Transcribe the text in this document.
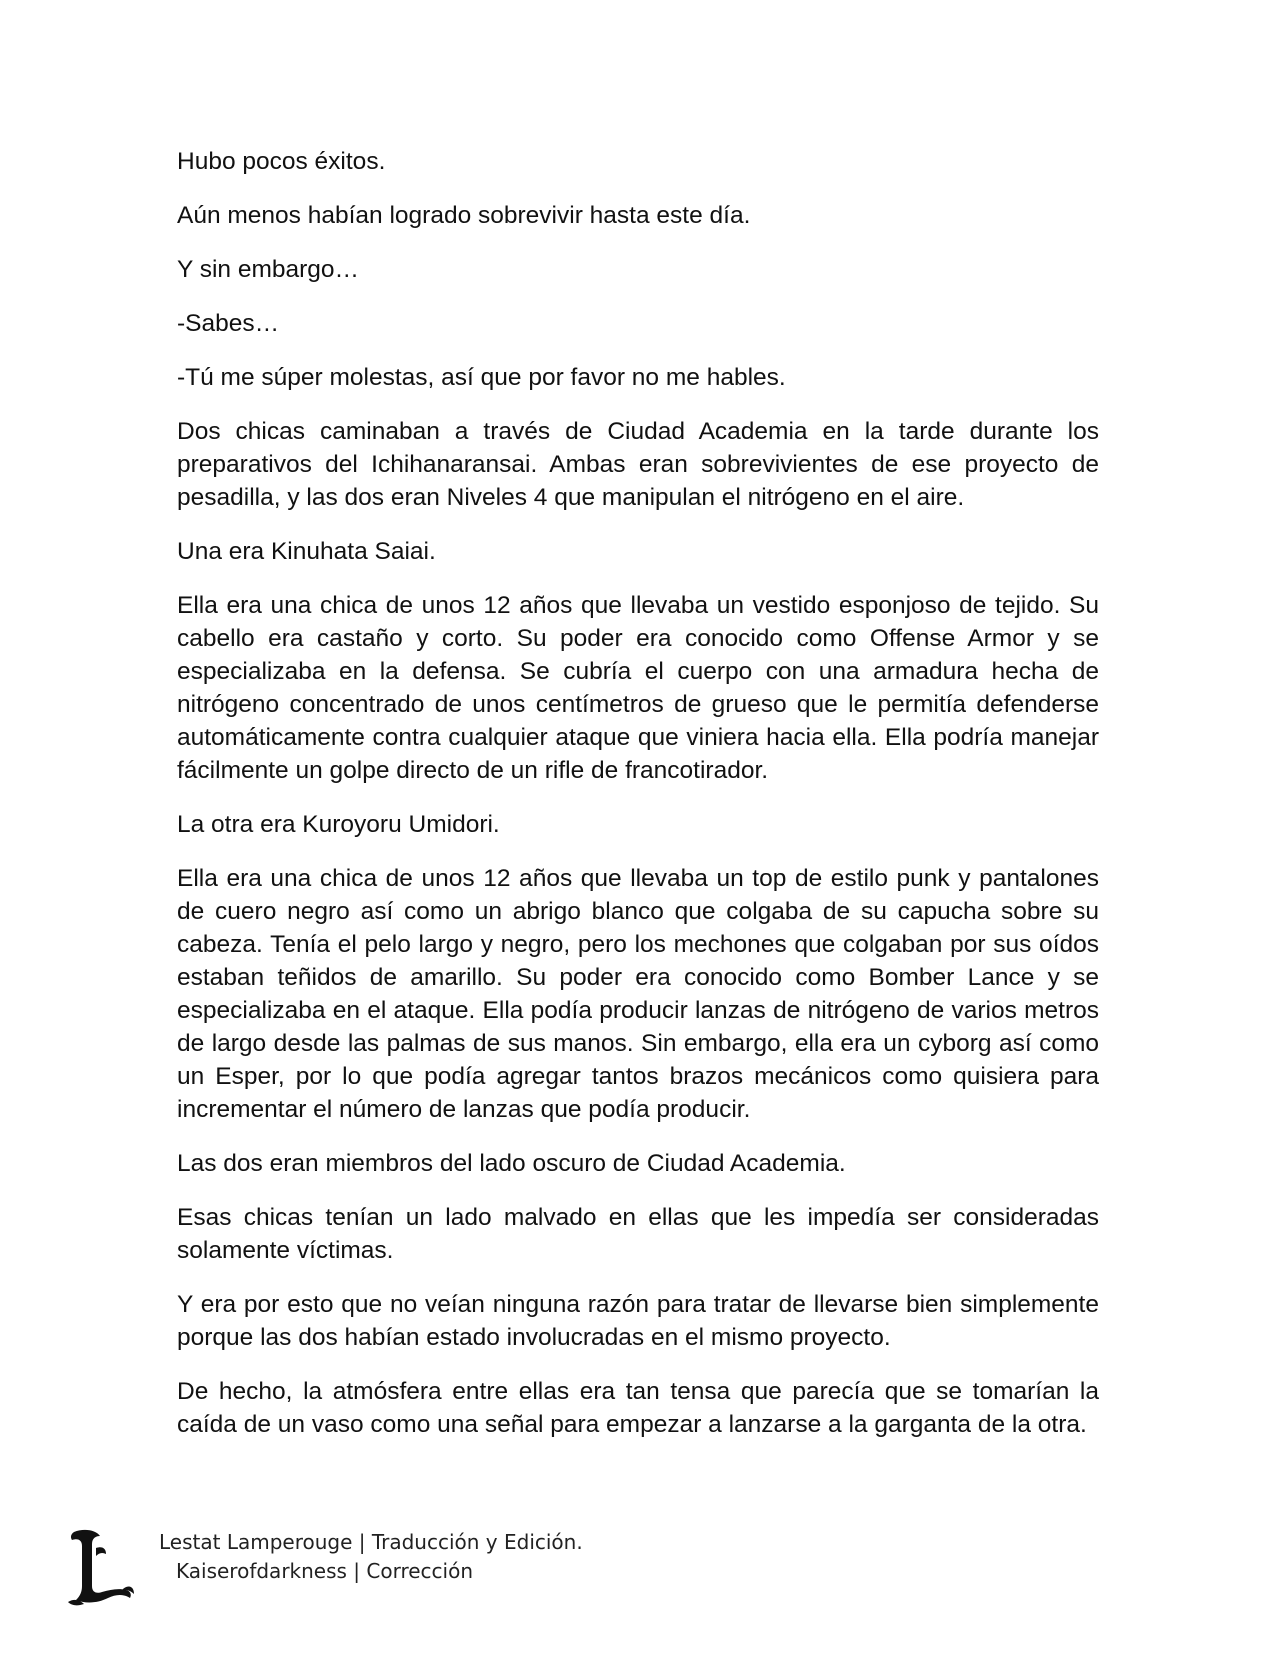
Hubo pocos éxitos.

Aún menos habían logrado sobrevivir hasta este día.

Y sin embargo…

-Sabes…

-Tú me súper molestas, así que por favor no me hables.

Dos chicas caminaban a través de Ciudad Academia en la tarde durante los preparativos del Ichihanaransai. Ambas eran sobrevivientes de ese proyecto de pesadilla, y las dos eran Niveles 4 que manipulan el nitrógeno en el aire.

Una era Kinuhata Saiai.

Ella era una chica de unos 12 años que llevaba un vestido esponjoso de tejido. Su cabello era castaño y corto. Su poder era conocido como Offense Armor y se especializaba en la defensa. Se cubría el cuerpo con una armadura hecha de nitrógeno concentrado de unos centímetros de grueso que le permitía defenderse automáticamente contra cualquier ataque que viniera hacia ella. Ella podría manejar fácilmente un golpe directo de un rifle de francotirador.

La otra era Kuroyoru Umidori.

Ella era una chica de unos 12 años que llevaba un top de estilo punk y pantalones de cuero negro así como un abrigo blanco que colgaba de su capucha sobre su cabeza. Tenía el pelo largo y negro, pero los mechones que colgaban por sus oídos estaban teñidos de amarillo. Su poder era conocido como Bomber Lance y se especializaba en el ataque. Ella podía producir lanzas de nitrógeno de varios metros de largo desde las palmas de sus manos. Sin embargo, ella era un cyborg así como un Esper, por lo que podía agregar tantos brazos mecánicos como quisiera para incrementar el número de lanzas que podía producir.

Las dos eran miembros del lado oscuro de Ciudad Academia.

Esas chicas tenían un lado malvado en ellas que les impedía ser consideradas solamente víctimas.

Y era por esto que no veían ninguna razón para tratar de llevarse bien simplemente porque las dos habían estado involucradas en el mismo proyecto.

De hecho, la atmósfera entre ellas era tan tensa que parecía que se tomarían la caída de un vaso como una señal para empezar a lanzarse a la garganta de la otra.

Lestat Lamperouge | Traducción y Edición.
Kaiserofdarkness | Corrección
